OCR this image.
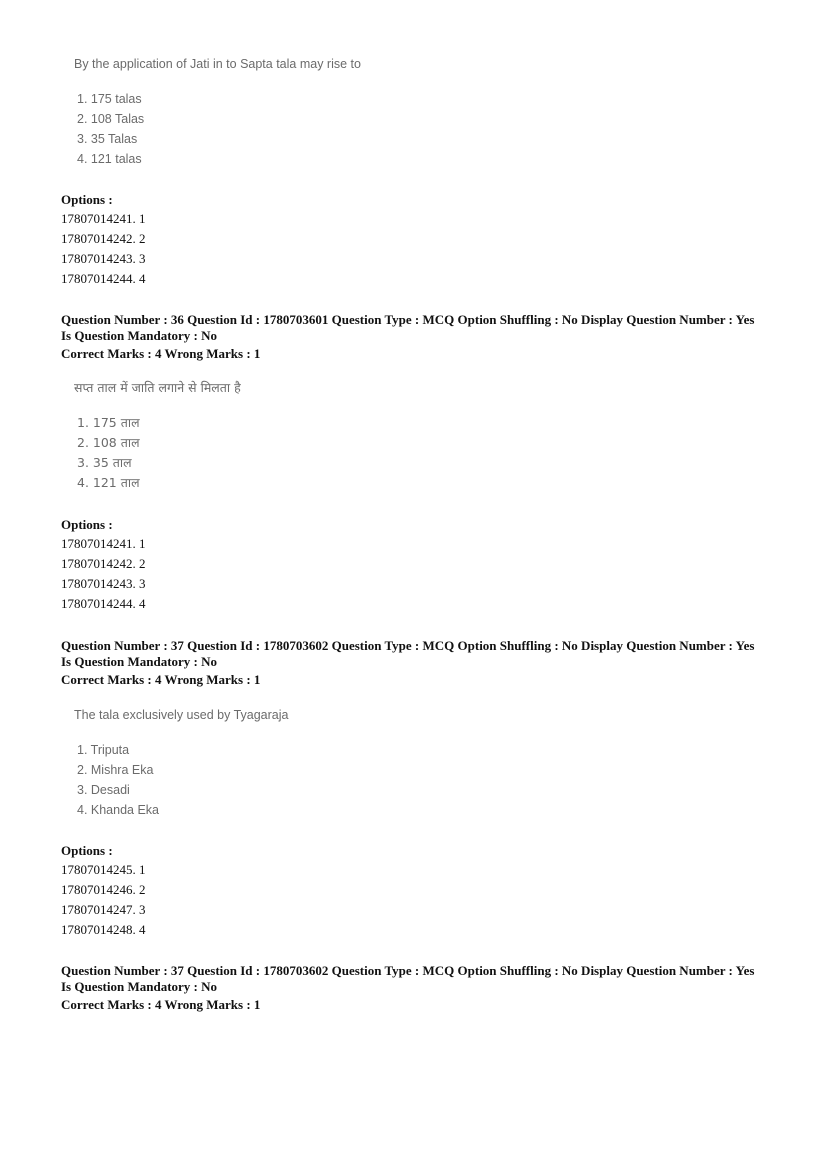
By the application of Jati in to Sapta tala may rise to
1. 175 talas
2. 108 Talas
3. 35 Talas
4. 121 talas
Options :
17807014241. 1
17807014242. 2
17807014243. 3
17807014244. 4
Question Number : 36 Question Id : 1780703601 Question Type : MCQ Option Shuffling : No Display Question Number : Yes
Is Question Mandatory : No
Correct Marks : 4 Wrong Marks : 1
सप्त ताल में जाति लगाने से मिलता है
1. 175 ताल
2. 108 ताल
3. 35 ताल
4. 121 ताल
Options :
17807014241. 1
17807014242. 2
17807014243. 3
17807014244. 4
Question Number : 37 Question Id : 1780703602 Question Type : MCQ Option Shuffling : No Display Question Number : Yes
Is Question Mandatory : No
Correct Marks : 4 Wrong Marks : 1
The tala exclusively used by Tyagaraja
1. Triputa
2. Mishra Eka
3. Desadi
4. Khanda Eka
Options :
17807014245. 1
17807014246. 2
17807014247. 3
17807014248. 4
Question Number : 37 Question Id : 1780703602 Question Type : MCQ Option Shuffling : No Display Question Number : Yes
Is Question Mandatory : No
Correct Marks : 4 Wrong Marks : 1
